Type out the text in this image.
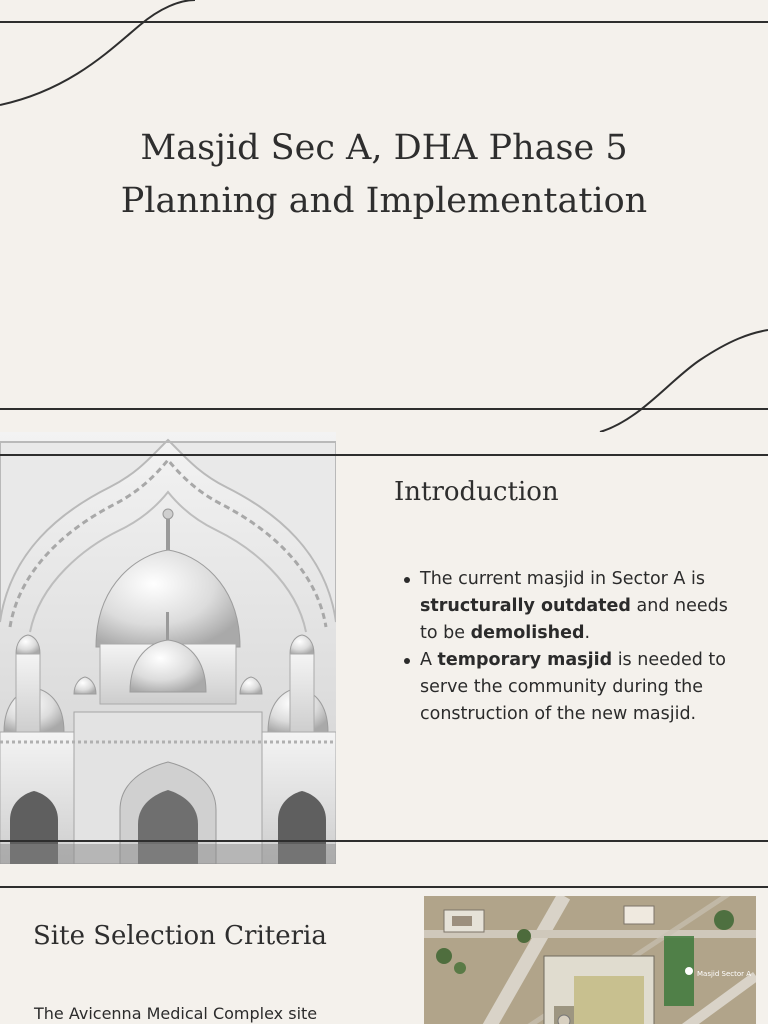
Masjid Sec A, DHA Phase 5
Planning and Implementation
Introduction
The current masjid in Sector A is structurally outdated and needs to be demolished.
A temporary masjid is needed to serve the community during the construction of the new masjid.
Site Selection Criteria

The Avicenna Medical Complex site

Masjid Sector A
